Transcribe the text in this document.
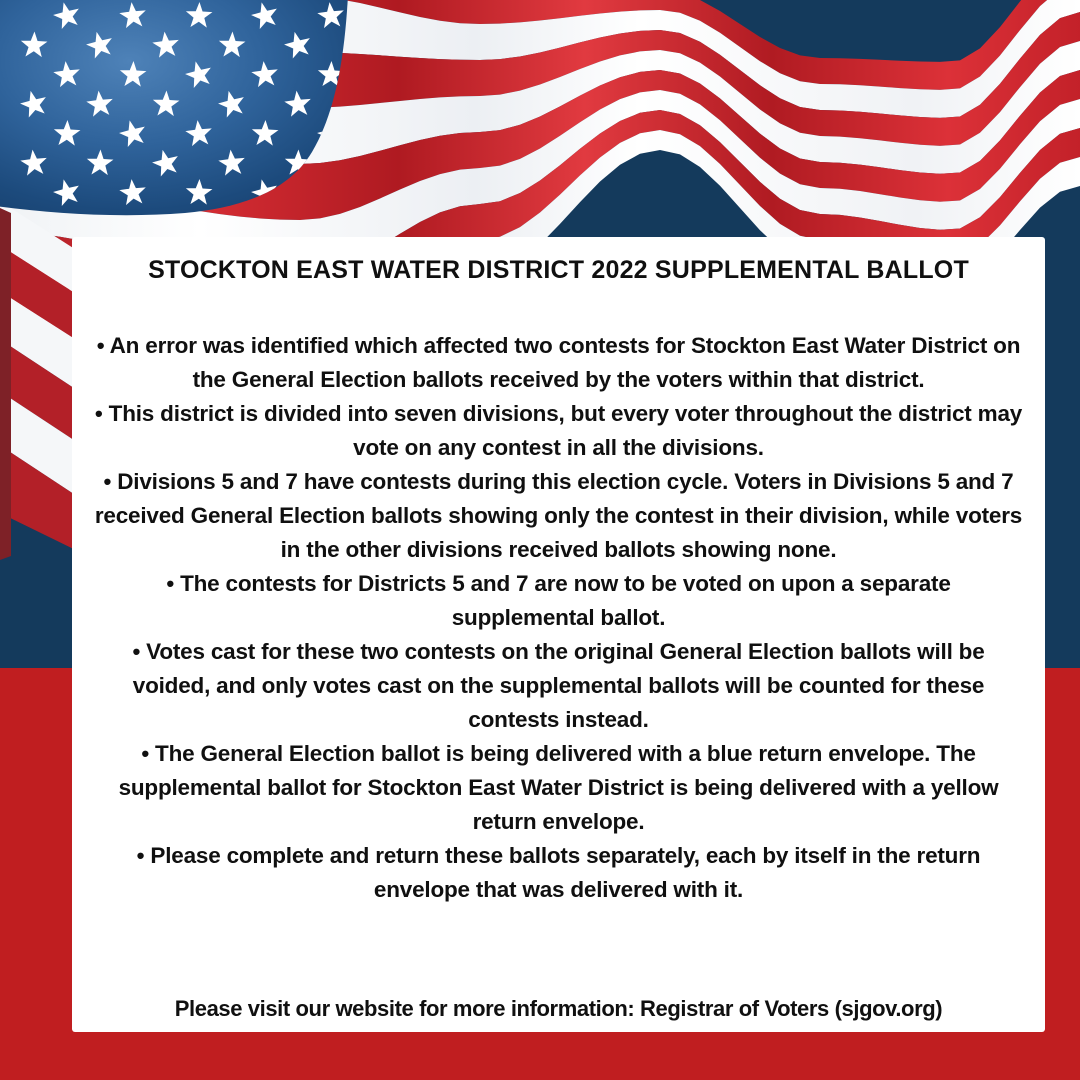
STOCKTON EAST WATER DISTRICT 2022 SUPPLEMENTAL BALLOT

• An error was identified which affected two contests for Stockton East Water District on the General Election ballots received by the voters within that district.

• This district is divided into seven divisions, but every voter throughout the district may vote on any contest in all the divisions.

• Divisions 5 and 7 have contests during this election cycle. Voters in Divisions 5 and 7 received General Election ballots showing only the contest in their division, while voters in the other divisions received ballots showing none.

• The contests for Districts 5 and 7 are now to be voted on upon a separate supplemental ballot.

• Votes cast for these two contests on the original General Election ballots will be voided, and only votes cast on the supplemental ballots will be counted for these contests instead.

• The General Election ballot is being delivered with a blue return envelope. The supplemental ballot for Stockton East Water District is being delivered with a yellow return envelope.

• Please complete and return these ballots separately, each by itself in the return envelope that was delivered with it.

Please visit our website for more information: Registrar of Voters (sjgov.org)
